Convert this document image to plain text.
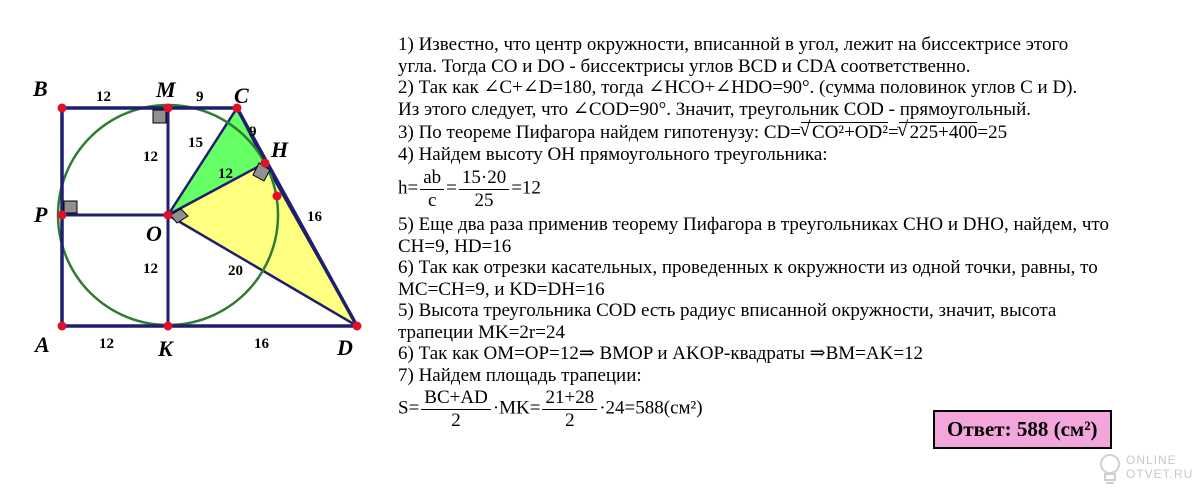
B	M	C
H
P
O
A	K	D
12	9
9
15
12
12
16
12	20
12	16
1) Известно, что центр окружности, вписанной в угол, лежит на биссектрисе этого
угла. Тогда CO и DO - биссектрисы углов BCD и CDA соответственно.
2) Так как ∠C+∠D=180, тогда ∠HCO+∠HDO=90°. (сумма половинок углов C и D).
Из этого следует, что ∠COD=90°. Значит, треугольник COD - прямоугольный.
3) По теореме Пифагора найдем гипотенузу: CD= √ CO²+OD²= √ 225+400=25
4) Найдем высоту OH прямоугольного треугольника:
$h= \frac{ab}{c} = \frac{15\cdot 20}{25} =12$
5) Еще два раза применив теорему Пифагора в треугольниках CHO и DHO, найдем, что
CH=9, HD=16
6) Так как отрезки касательных, проведенных к окружности из одной точки, равны, то
MC=CH=9, и KD=DH=16
5) Высота треугольника COD есть радиус вписанной окружности, значит, высота
трапеции MK=2r=24
6) Так как OM=OP=12⇒ BMOP и AKOP-квадраты ⇒BM=AK=12
7) Найдем площадь трапеции:
$S= \frac{BC+AD}{2} \cdot MK= \frac{21+28}{2} \cdot 24=588(см^2)$
Ответ: 588 (см²)
ONLINE
OTVET.RU
